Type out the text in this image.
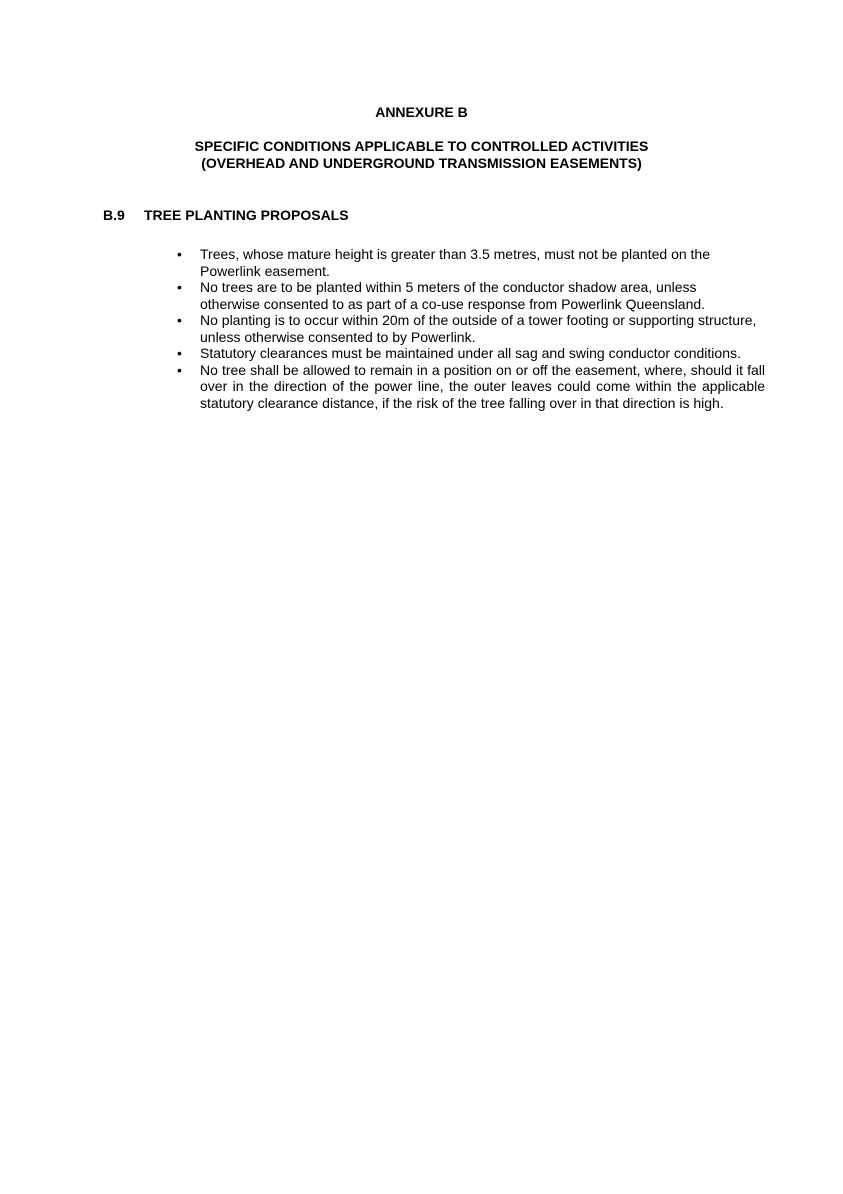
ANNEXURE B
SPECIFIC CONDITIONS APPLICABLE TO CONTROLLED ACTIVITIES
(OVERHEAD AND UNDERGROUND TRANSMISSION EASEMENTS)
B.9 TREE PLANTING PROPOSALS
• Trees, whose mature height is greater than 3.5 metres, must not be planted on the Powerlink easement.
• No trees are to be planted within 5 meters of the conductor shadow area, unless otherwise consented to as part of a co-use response from Powerlink Queensland.
• No planting is to occur within 20m of the outside of a tower footing or supporting structure, unless otherwise consented to by Powerlink.
• Statutory clearances must be maintained under all sag and swing conductor conditions.
• No tree shall be allowed to remain in a position on or off the easement, where, should it fall over in the direction of the power line, the outer leaves could come within the applicable statutory clearance distance, if the risk of the tree falling over in that direction is high.
